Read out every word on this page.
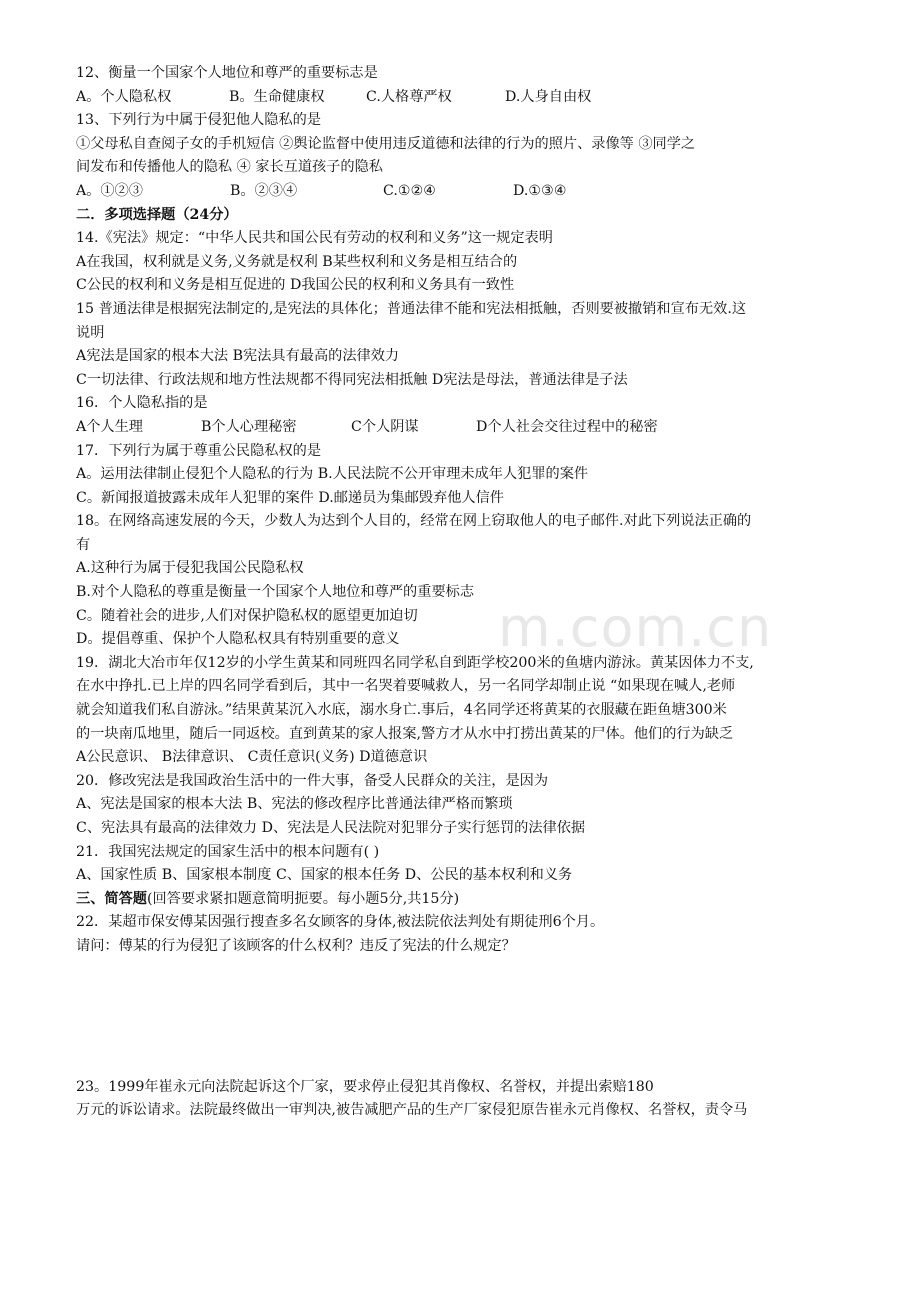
12、衡量一个国家个人地位和尊严的重要标志是
A。个人隐私权	B。生命健康权	C.人格尊严权	D.人身自由权
13、下列行为中属于侵犯他人隐私的是
①父母私自查阅子女的手机短信 ②舆论监督中使用违反道德和法律的行为的照片、录像等 ③同学之
间发布和传播他人的隐私 ④ 家长互道孩子的隐私
A。①②③	B。②③④	C.①②④	D.①③④
二．多项选择题（24分）
14.《宪法》规定：“中华人民共和国公民有劳动的权利和义务”这一规定表明
A在我国，权利就是义务,义务就是权利 B某些权利和义务是相互结合的
C公民的权利和义务是相互促进的 D我国公民的权利和义务具有一致性
15 普通法律是根据宪法制定的,是宪法的具体化；普通法律不能和宪法相抵触，否则要被撤销和宣布无效.这
说明
A宪法是国家的根本大法 B宪法具有最高的法律效力
C一切法律、行政法规和地方性法规都不得同宪法相抵触 D宪法是母法，普通法律是子法
16．个人隐私指的是
A个人生理	B个人心理秘密	C个人阴谋	D个人社会交往过程中的秘密
17．下列行为属于尊重公民隐私权的是
A。运用法律制止侵犯个人隐私的行为 B.人民法院不公开审理未成年人犯罪的案件
C。新闻报道披露未成年人犯罪的案件 D.邮递员为集邮毁弃他人信件
18。在网络高速发展的今天，少数人为达到个人目的，经常在网上窃取他人的电子邮件.对此下列说法正确的
有
A.这种行为属于侵犯我国公民隐私权
B.对个人隐私的尊重是衡量一个国家个人地位和尊严的重要标志
C。随着社会的进步,人们对保护隐私权的愿望更加迫切
D。提倡尊重、保护个人隐私权具有特别重要的意义
19．湖北大冶市年仅12岁的小学生黄某和同班四名同学私自到距学校200米的鱼塘内游泳。黄某因体力不支,
在水中挣扎.已上岸的四名同学看到后，其中一名哭着要喊救人，另一名同学却制止说 “如果现在喊人,老师
就会知道我们私自游泳。”结果黄某沉入水底，溺水身亡.事后，4名同学还将黄某的衣服藏在距鱼塘300米
的一块南瓜地里，随后一同返校。直到黄某的家人报案,警方才从水中打捞出黄某的尸体。他们的行为缺乏
A公民意识、 B法律意识、 C责任意识(义务) D道德意识
20．修改宪法是我国政治生活中的一件大事，备受人民群众的关注，是因为
A、宪法是国家的根本大法 B、宪法的修改程序比普通法律严格而繁琐
C、宪法具有最高的法律效力 D、宪法是人民法院对犯罪分子实行惩罚的法律依据
21．我国宪法规定的国家生活中的根本问题有( )
A、国家性质 B、国家根本制度 C、国家的根本任务 D、公民的基本权利和义务
三、简答题(回答要求紧扣题意简明扼要。每小题5分,共15分)
22．某超市保安傅某因强行搜查多名女顾客的身体,被法院依法判处有期徒刑6个月。
请问：傅某的行为侵犯了该顾客的什么权利？违反了宪法的什么规定？
23。1999年崔永元向法院起诉这个厂家，要求停止侵犯其肖像权、名誉权，并提出索赔180
万元的诉讼请求。法院最终做出一审判决,被告减肥产品的生产厂家侵犯原告崔永元肖像权、名誉权，责令马
m.com.cn
